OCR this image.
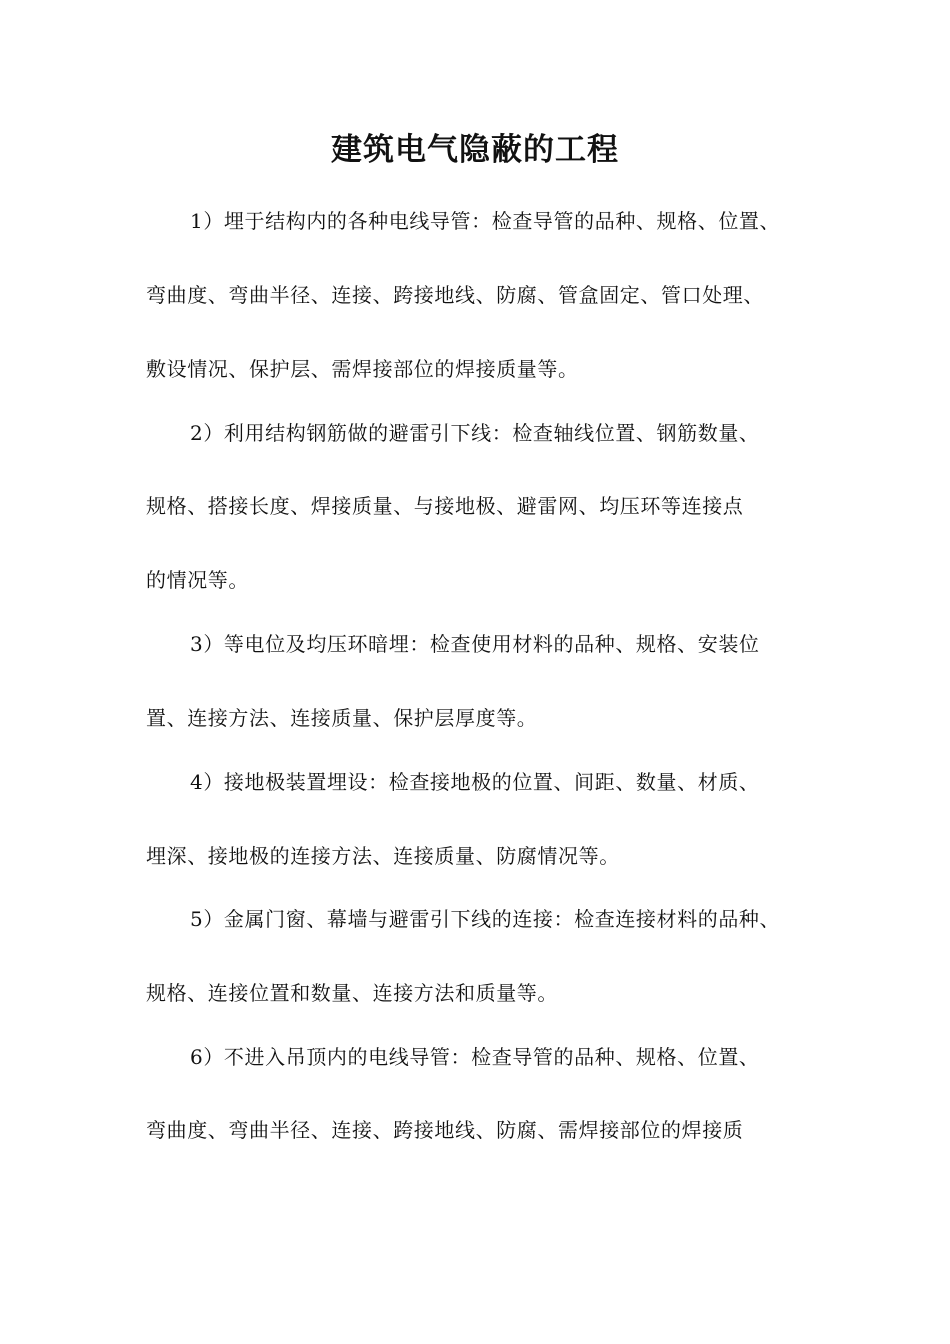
建筑电气隐蔽的工程
1）埋于结构内的各种电线导管：检查导管的品种、规格、位置、
弯曲度、弯曲半径、连接、跨接地线、防腐、管盒固定、管口处理、
敷设情况、保护层、需焊接部位的焊接质量等。
2）利用结构钢筋做的避雷引下线：检查轴线位置、钢筋数量、
规格、搭接长度、焊接质量、与接地极、避雷网、均压环等连接点
的情况等。
3）等电位及均压环暗埋：检查使用材料的品种、规格、安装位
置、连接方法、连接质量、保护层厚度等。
4）接地极装置埋设：检查接地极的位置、间距、数量、材质、
埋深、接地极的连接方法、连接质量、防腐情况等。
5）金属门窗、幕墙与避雷引下线的连接：检查连接材料的品种、
规格、连接位置和数量、连接方法和质量等。
6）不进入吊顶内的电线导管：检查导管的品种、规格、位置、
弯曲度、弯曲半径、连接、跨接地线、防腐、需焊接部位的焊接质
